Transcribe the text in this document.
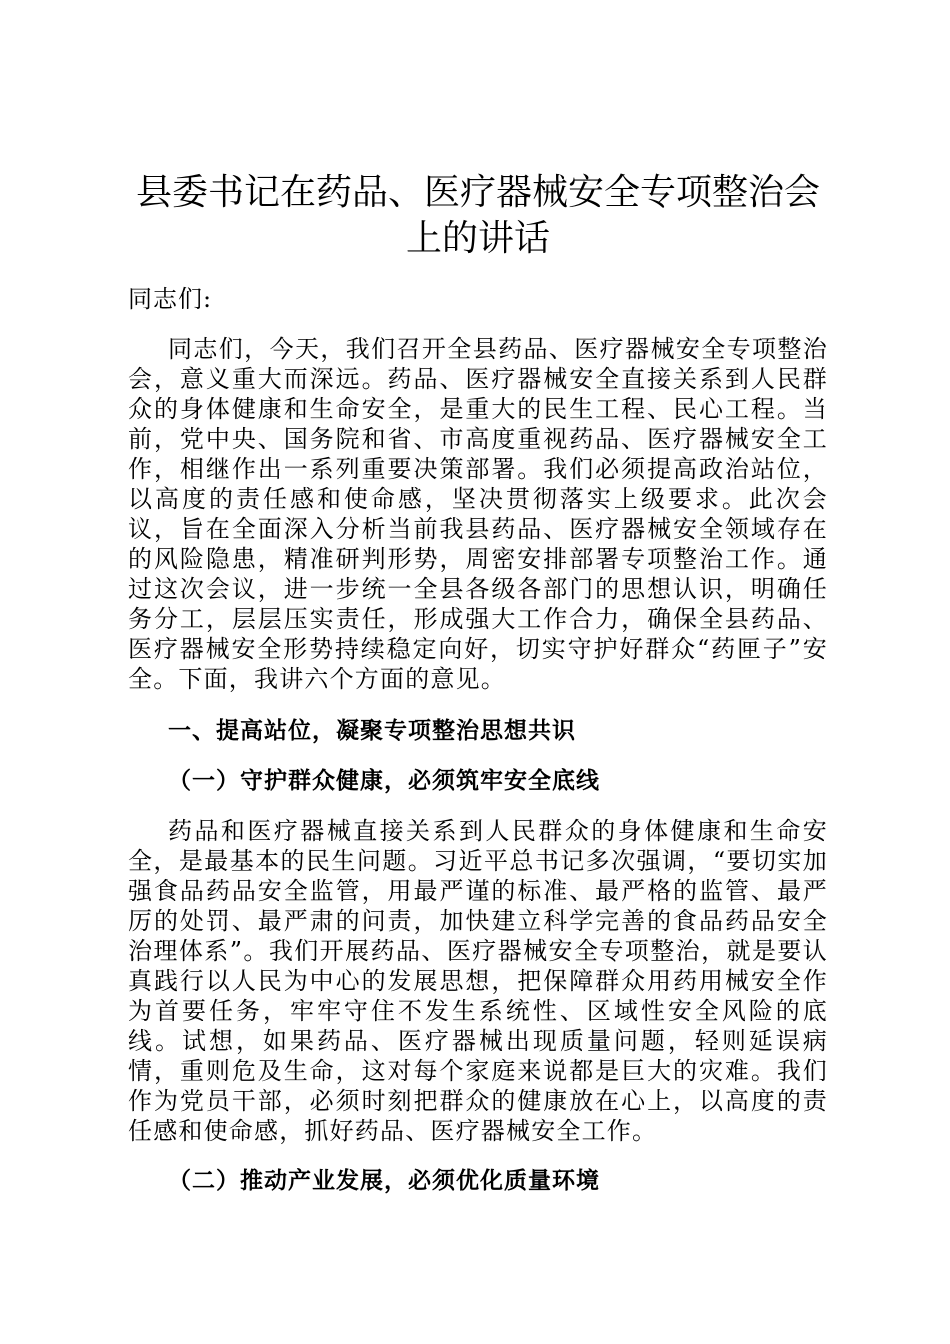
县委书记在药品、医疗器械安全专项整治会上的讲话
同志们:

同志们，今天，我们召开全县药品、医疗器械安全专项整治会，意义重大而深远。药品、医疗器械安全直接关系到人民群众的身体健康和生命安全，是重大的民生工程、民心工程。当前，党中央、国务院和省、市高度重视药品、医疗器械安全工作，相继作出一系列重要决策部署。我们必须提高政治站位，以高度的责任感和使命感，坚决贯彻落实上级要求。此次会议，旨在全面深入分析当前我县药品、医疗器械安全领域存在的风险隐患，精准研判形势，周密安排部署专项整治工作。通过这次会议，进一步统一全县各级各部门的思想认识，明确任务分工，层层压实责任，形成强大工作合力，确保全县药品、医疗器械安全形势持续稳定向好，切实守护好群众“药匣子”安全。下面，我讲六个方面的意见。

一、提高站位，凝聚专项整治思想共识
（一）守护群众健康，必须筑牢安全底线

药品和医疗器械直接关系到人民群众的身体健康和生命安全，是最基本的民生问题。习近平总书记多次强调，“要切实加强食品药品安全监管，用最严谨的标准、最严格的监管、最严厉的处罚、最严肃的问责，加快建立科学完善的食品药品安全治理体系”。我们开展药品、医疗器械安全专项整治，就是要认真践行以人民为中心的发展思想，把保障群众用药用械安全作为首要任务，牢牢守住不发生系统性、区域性安全风险的底线。试想，如果药品、医疗器械出现质量问题，轻则延误病情，重则危及生命，这对每个家庭来说都是巨大的灾难。我们作为党员干部，必须时刻把群众的健康放在心上，以高度的责任感和使命感，抓好药品、医疗器械安全工作。

（二）推动产业发展，必须优化质量环境
